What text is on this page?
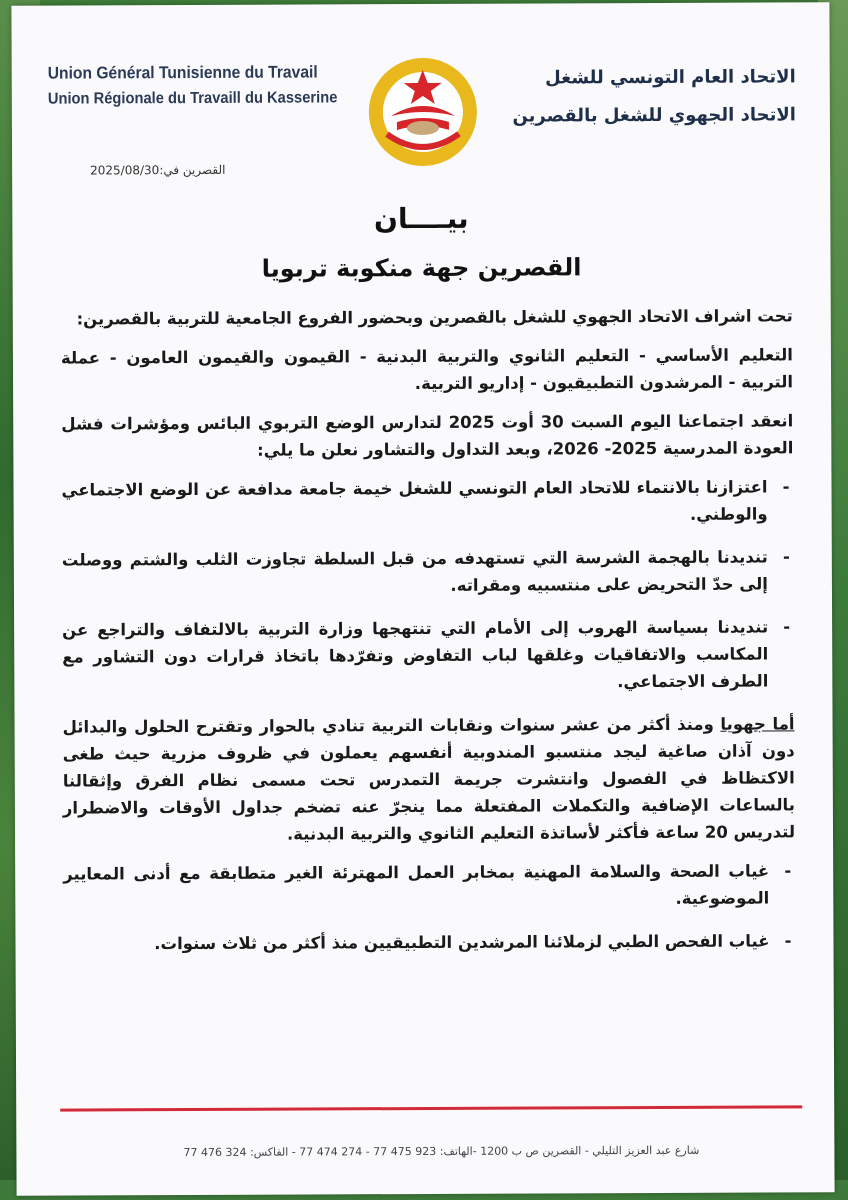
Union Général Tunisienne du Travail
Union Régionale du Travaill du Kasserine
الاتحاد العام التونسي للشغل
الاتحاد الجهوي للشغل بالقصرين
القصرين في:2025/08/30
بيــــان
القصرين جهة منكوبة تربويا

تحت اشراف الاتحاد الجهوي للشغل بالقصرين وبحضور الفروع الجامعية للتربية بالقصرين:

التعليم الأساسي - التعليم الثانوي والتربية البدنية - القيمون والقيمون العامون - عملة التربية - المرشدون التطبيقيون - إداريو التربية.

انعقد اجتماعنا اليوم السبت 30 أوت 2025 لتدارس الوضع التربوي البائس ومؤشرات فشل العودة المدرسية 2025- 2026، وبعد التداول والتشاور نعلن ما يلي:

- اعتزازنا بالانتماء للاتحاد العام التونسي للشغل خيمة جامعة مدافعة عن الوضع الاجتماعي والوطني.
- تنديدنا بالهجمة الشرسة التي تستهدفه من قبل السلطة تجاوزت الثلب والشتم ووصلت إلى حدّ التحريض على منتسبيه ومقراته.
- تنديدنا بسياسة الهروب إلى الأمام التي تنتهجها وزارة التربية بالالتفاف والتراجع عن المكاسب والاتفاقيات وغلقها لباب التفاوض وتفرّدها باتخاذ قرارات دون التشاور مع الطرف الاجتماعي.

أما جهويا ومنذ أكثر من عشر سنوات ونقابات التربية تنادي بالحوار وتقترح الحلول والبدائل دون آذان صاغية ليجد منتسبو المندوبية أنفسهم يعملون في ظروف مزرية حيث طغى الاكتظاظ في الفصول وانتشرت جريمة التمدرس تحت مسمى نظام الفرق وإثقالنا بالساعات الإضافية والتكملات المفتعلة مما ينجرّ عنه تضخم جداول الأوقات والاضطرار لتدريس 20 ساعة فأكثر لأساتذة التعليم الثانوي والتربية البدنية.

- غياب الصحة والسلامة المهنية بمخابر العمل المهترئة الغير متطابقة مع أدنى المعايير الموضوعية.
- غياب الفحص الطبي لزملائنا المرشدين التطبيقيين منذ أكثر من ثلاث سنوات.
شارع عبد العزيز التليلي - القصرين ص ب 1200 -الهاتف: 923 475 77 - 274 474 77 - الفاكس: 324 476 77
